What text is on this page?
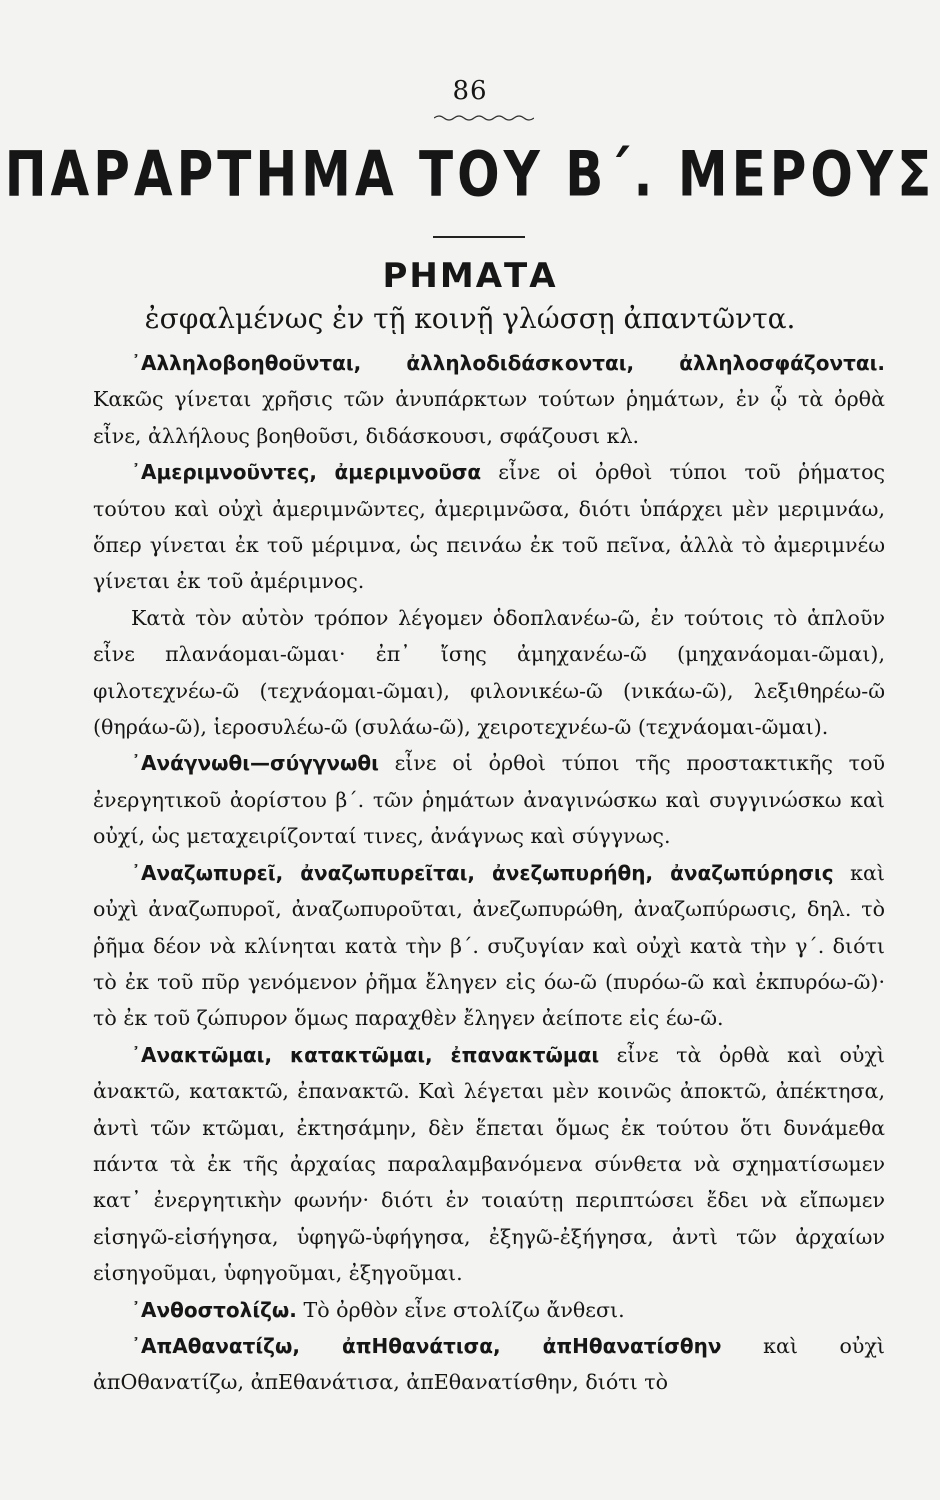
86
ΠΑΡΑΡΤΗΜΑ ΤΟΥ Β΄. ΜΕΡΟΥΣ
ΡΗΜΑΤΑ
ἐσφαλμένως ἐν τῇ κοινῇ γλώσσῃ ἀπαντῶντα.

᾿Αλληλοβοηθοῦνται, ἀλληλοδιδάσκονται, ἀλληλοσφάζονται. Κακῶς γίνεται χρῆσις τῶν ἀνυπάρκτων τούτων ῥημάτων, ἐν ᾧ τὰ ὀρθὰ εἶνε, ἀλλήλους βοηθοῦσι, διδάσκουσι, σφάζουσι κλ.

᾿Αμεριμνοῦντες, ἀμεριμνοῦσα εἶνε οἱ ὀρθοὶ τύποι τοῦ ῥήματος τούτου καὶ οὐχὶ ἀμεριμνῶντες, ἀμεριμνῶσα, διότι ὑπάρχει μὲν μεριμνάω, ὅπερ γίνεται ἐκ τοῦ μέριμνα, ὡς πεινάω ἐκ τοῦ πεῖνα, ἀλλὰ τὸ ἀμεριμνέω γίνεται ἐκ τοῦ ἀμέριμνος.

Κατὰ τὸν αὐτὸν τρόπον λέγομεν ὁδοπλανέω-ῶ, ἐν τούτοις τὸ ἁπλοῦν εἶνε πλανάομαι-ῶμαι· ἐπ᾿ ἴσης ἀμηχανέω-ῶ (μηχανάομαι-ῶμαι), φιλοτεχνέω-ῶ (τεχνάομαι-ῶμαι), φιλονικέω-ῶ (νικάω-ῶ), λεξιθηρέω-ῶ (θηράω-ῶ), ἱεροσυλέω-ῶ (συλάω-ῶ), χειροτεχνέω-ῶ (τεχνάομαι-ῶμαι).

᾿Ανάγνωθι—σύγγνωθι εἶνε οἱ ὀρθοὶ τύποι τῆς προστακτικῆς τοῦ ἐνεργητικοῦ ἀορίστου β΄. τῶν ῥημάτων ἀναγινώσκω καὶ συγγινώσκω καὶ οὐχί, ὡς μεταχειρίζονταί τινες, ἀνάγνως καὶ σύγγνως.

᾿Αναζωπυρεῖ, ἀναζωπυρεῖται, ἀνεζωπυρήθη, ἀναζωπύρησις καὶ οὐχὶ ἀναζωπυροῖ, ἀναζωπυροῦται, ἀνεζωπυρώθη, ἀναζωπύρωσις, δηλ. τὸ ῥῆμα δέον νὰ κλίνηται κατὰ τὴν β΄. συζυγίαν καὶ οὐχὶ κατὰ τὴν γ΄. διότι τὸ ἐκ τοῦ πῦρ γενόμενον ῥῆμα ἔληγεν εἰς όω-ῶ (πυρόω-ῶ καὶ ἐκπυρόω-ῶ)· τὸ ἐκ τοῦ ζώπυρον ὅμως παραχθὲν ἔληγεν ἀείποτε εἰς έω-ῶ.

᾿Ανακτῶμαι, κατακτῶμαι, ἐπανακτῶμαι εἶνε τὰ ὀρθὰ καὶ οὐχὶ ἀνακτῶ, κατακτῶ, ἐπανακτῶ. Καὶ λέγεται μὲν κοινῶς ἀποκτῶ, ἀπέκτησα, ἀντὶ τῶν κτῶμαι, ἐκτησάμην, δὲν ἕπεται ὅμως ἐκ τούτου ὅτι δυνάμεθα πάντα τὰ ἐκ τῆς ἀρχαίας παραλαμβανόμενα σύνθετα νὰ σχηματίσωμεν κατ᾿ ἐνεργητικὴν φωνήν· διότι ἐν τοιαύτῃ περιπτώσει ἔδει νὰ εἴπωμεν εἰσηγῶ-εἰσήγησα, ὑφηγῶ-ὑφήγησα, ἐξηγῶ-ἐξήγησα, ἀντὶ τῶν ἀρχαίων εἰσηγοῦμαι, ὑφηγοῦμαι, ἐξηγοῦμαι.

᾿Ανθοστολίζω. Τὸ ὀρθὸν εἶνε στολίζω ἄνθεσι.

᾿ΑπΑθανατίζω, ἀπΗθανάτισα, ἀπΗθανατίσθην καὶ οὐχὶ ἀπΟθανατίζω, ἀπΕθανάτισα, ἀπΕθανατίσθην, διότι τὸ
